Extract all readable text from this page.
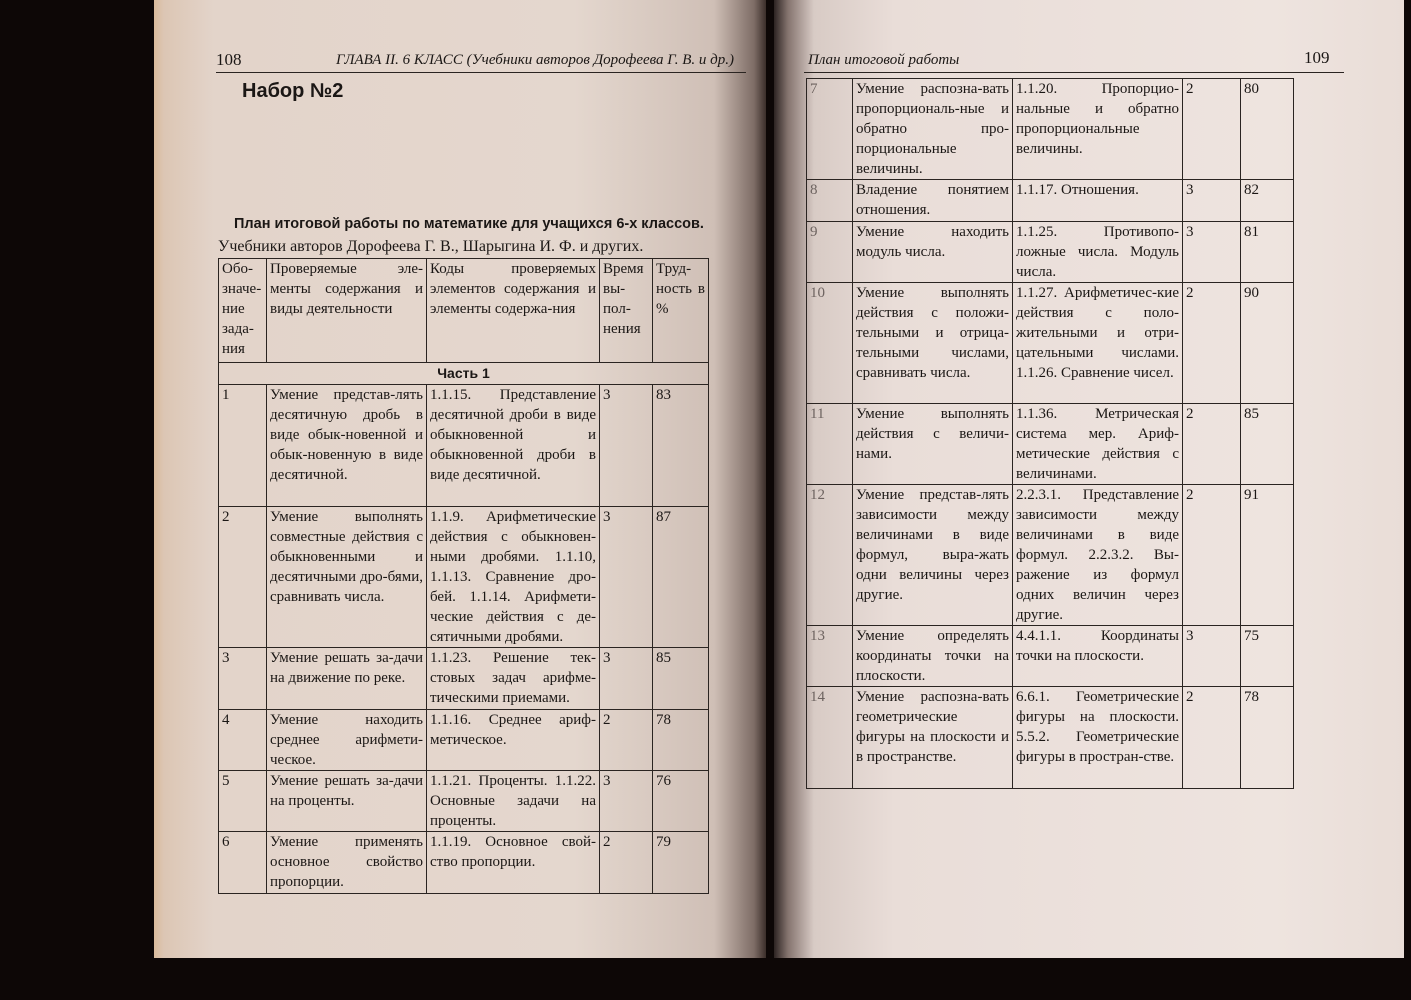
108	ГЛАВА II. 6 КЛАСС (Учебники авторов Дорофеева Г. В. и др.)
Набор №2
План итоговой работы по математике для учащихся 6-х классов.
Учебники авторов Дорофеева Г. В., Шарыгина И. Ф. и других.
Обо-значе-ние зада-ния	Проверяемые эле-менты содержания и виды деятельности	Коды проверяемых элементов содержания и элементы содержа-ния	Время вы-пол-нения	Труд-ность в %
Часть 1				
1	Умение представ-лять десятичную дробь в виде обык-новенной и обык-новенную в виде десятичной.	1.1.15. Представление десятичной дроби в виде обыкновенной и обыкновенной дроби в виде десятичной.	3	83
2	Умение выполнять совместные действия с обыкновенными и десятичными дро-бями, сравнивать числа.	1.1.9. Арифметические действия с обыкновен-ными дробями. 1.1.10, 1.1.13. Сравнение дро-бей. 1.1.14. Арифмети-ческие действия с де-сятичными дробями.	3	87
3	Умение решать за-дачи на движение по реке.	1.1.23. Решение тек-стовых задач арифме-тическими приемами.	3	85
4	Умение находить среднее арифмети-ческое.	1.1.16. Среднее ариф-метическое.	2	78
5	Умение решать за-дачи на проценты.	1.1.21. Проценты. 1.1.22. Основные задачи на проценты.	3	76
6	Умение применять основное свойство пропорции.	1.1.19. Основное свой-ство пропорции.	2	79
План итоговой работы	109
7	Умение распозна-вать пропорциональ-ные и обратно про-порциональные величины.	1.1.20. Пропорцио-нальные и обратно пропорциональные величины.	2	80
8	Владение понятием отношения.	1.1.17. Отношения.	3	82
9	Умение находить модуль числа.	1.1.25. Противопо-ложные числа. Модуль числа.	3	81
10	Умение выполнять действия с положи-тельными и отрица-тельными числами, сравнивать числа.	1.1.27. Арифметичес-кие действия с поло-жительными и отри-цательными числами. 1.1.26. Сравнение чисел.	2	90
11	Умение выполнять действия с величи-нами.	1.1.36. Метрическая система мер. Ариф-метические действия с величинами.	2	85
12	Умение представ-лять зависимости между величинами в виде формул, выра-жать одни величины через другие.	2.2.3.1. Представление зависимости между величинами в виде формул. 2.2.3.2. Вы-ражение из формул одних величин через другие.	2	91
13	Умение определять координаты точки на плоскости.	4.4.1.1. Координаты точки на плоскости.	3	75
14	Умение распозна-вать геометрические фигуры на плоскости и в пространстве.	6.6.1. Геометрические фигуры на плоскости. 5.5.2. Геометрические фигуры в простран-стве.	2	78
